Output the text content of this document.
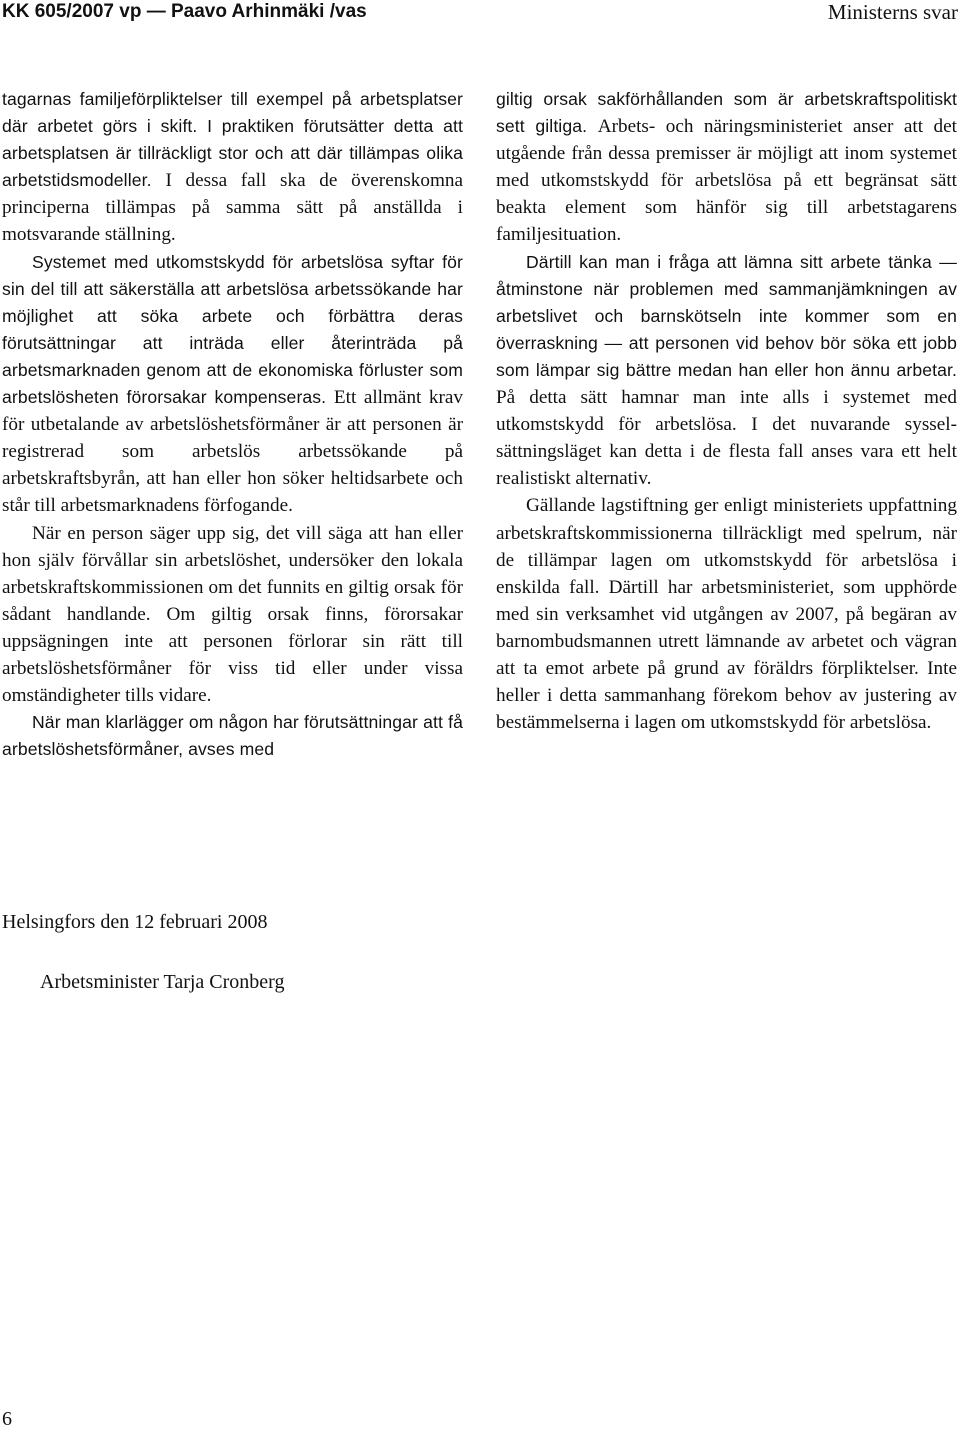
KK 605/2007 vp — Paavo Arhinmäki /vas	Ministerns svar

tagarnas familjeförpliktelser till exempel på arbetsplatser där arbetet görs i skift. I praktiken förutsätter detta att arbetsplatsen är tillräckligt stor och att där tillämpas olika arbetstidsmodeller. I dessa fall ska de överenskomna principerna tillämpas på samma sätt på anställda i motsvarande ställning.

Systemet med utkomstskydd för arbetslösa syftar för sin del till att säkerställa att arbetslösa arbetssökande har möjlighet att söka arbete och förbättra deras förutsättningar att inträda eller återinträda på arbetsmarknaden genom att de ekonomiska förluster som arbetslösheten förorsakar kompenseras. Ett allmänt krav för utbetalande av arbetslöshetsförmåner är att personen är registrerad som arbetslös arbetssökande på arbetskraftsbyrån, att han eller hon söker heltidsarbete och står till arbetsmarknadens förfogande.

När en person säger upp sig, det vill säga att han eller hon själv förvållar sin arbetslöshet, undersöker den lokala arbetskraftskommissionen om det funnits en giltig orsak för sådant handlande. Om giltig orsak finns, förorsakar uppsägningen inte att personen förlorar sin rätt till arbetslöshetsförmåner för viss tid eller under vissa omständigheter tills vidare.

När man klarlägger om någon har förutsättningar att få arbetslöshetsförmåner, avses med

giltig orsak sakförhållanden som är arbetskraftspolitiskt sett giltiga. Arbets- och näringsministeriet anser att det utgående från dessa premisser är möjligt att inom systemet med utkomstskydd för arbetslösa på ett begränsat sätt beakta element som hänför sig till arbetstagarens familjesituation.

Därtill kan man i fråga att lämna sitt arbete tänka — åtminstone när problemen med sammanjämkningen av arbetslivet och barnskötseln inte kommer som en överraskning — att personen vid behov bör söka ett jobb som lämpar sig bättre medan han eller hon ännu arbetar. På detta sätt hamnar man inte alls i systemet med utkomstskydd för arbetslösa. I det nuvarande sysselsättningsläget kan detta i de flesta fall anses vara ett helt realistiskt alternativ.

Gällande lagstiftning ger enligt ministeriets uppfattning arbetskraftskommissionerna tillräckligt med spelrum, när de tillämpar lagen om utkomstskydd för arbetslösa i enskilda fall. Därtill har arbetsministeriet, som upphörde med sin verksamhet vid utgången av 2007, på begäran av barnombudsmannen utrett lämnande av arbetet och vägran att ta emot arbete på grund av föräldrs förpliktelser. Inte heller i detta sammanhang förekom behov av justering av bestämmelserna i lagen om utkomstskydd för arbetslösa.

Helsingfors den 12 februari 2008
Arbetsminister Tarja Cronberg
6
